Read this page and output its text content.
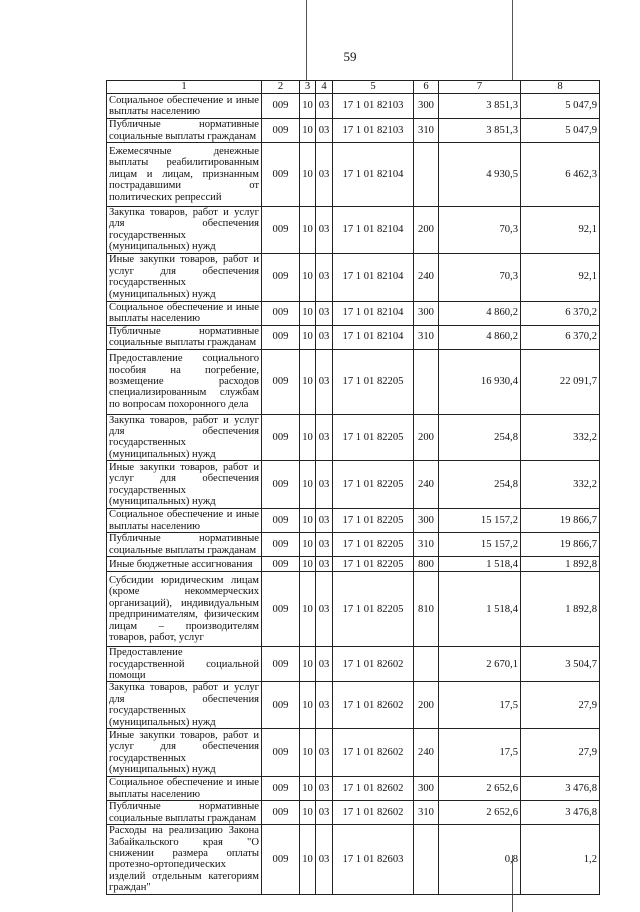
59
1	2	3	4	5	6	7	8
Социальное обеспечение и иные выплаты населению	009	10	03	17 1 01 82103	300	3 851,3	5 047,9
Публичные нормативные социальные выплаты гражданам	009	10	03	17 1 01 82103	310	3 851,3	5 047,9
Ежемесячные денежные выплаты реабилитированным лицам и лицам, признанным пострадавшими от политических репрессий	009	10	03	17 1 01 82104		4 930,5	6 462,3
Закупка товаров, работ и услуг для обеспечения государственных (муниципальных) нужд	009	10	03	17 1 01 82104	200	70,3	92,1
Иные закупки товаров, работ и услуг для обеспечения государственных (муниципальных) нужд	009	10	03	17 1 01 82104	240	70,3	92,1
Социальное обеспечение и иные выплаты населению	009	10	03	17 1 01 82104	300	4 860,2	6 370,2
Публичные нормативные социальные выплаты гражданам	009	10	03	17 1 01 82104	310	4 860,2	6 370,2
Предоставление социального пособия на погребение, возмещение расходов специализированным службам по вопросам похоронного дела	009	10	03	17 1 01 82205		16 930,4	22 091,7
Закупка товаров, работ и услуг для обеспечения государственных (муниципальных) нужд	009	10	03	17 1 01 82205	200	254,8	332,2
Иные закупки товаров, работ и услуг для обеспечения государственных (муниципальных) нужд	009	10	03	17 1 01 82205	240	254,8	332,2
Социальное обеспечение и иные выплаты населению	009	10	03	17 1 01 82205	300	15 157,2	19 866,7
Публичные нормативные социальные выплаты гражданам	009	10	03	17 1 01 82205	310	15 157,2	19 866,7
Иные бюджетные ассигнования	009	10	03	17 1 01 82205	800	1 518,4	1 892,8
Субсидии юридическим лицам (кроме некоммерческих организаций), индивидуальным предпринимателям, физическим лицам – производителям товаров, работ, услуг	009	10	03	17 1 01 82205	810	1 518,4	1 892,8
Предоставление государственной социальной помощи	009	10	03	17 1 01 82602		2 670,1	3 504,7
Закупка товаров, работ и услуг для обеспечения государственных (муниципальных) нужд	009	10	03	17 1 01 82602	200	17,5	27,9
Иные закупки товаров, работ и услуг для обеспечения государственных (муниципальных) нужд	009	10	03	17 1 01 82602	240	17,5	27,9
Социальное обеспечение и иные выплаты населению	009	10	03	17 1 01 82602	300	2 652,6	3 476,8
Публичные нормативные социальные выплаты гражданам	009	10	03	17 1 01 82602	310	2 652,6	3 476,8
Расходы на реализацию Закона Забайкальского края "О снижении размера оплаты протезно-ортопедических изделий отдельным категориям граждан"	009	10	03	17 1 01 82603		0,8	1,2
